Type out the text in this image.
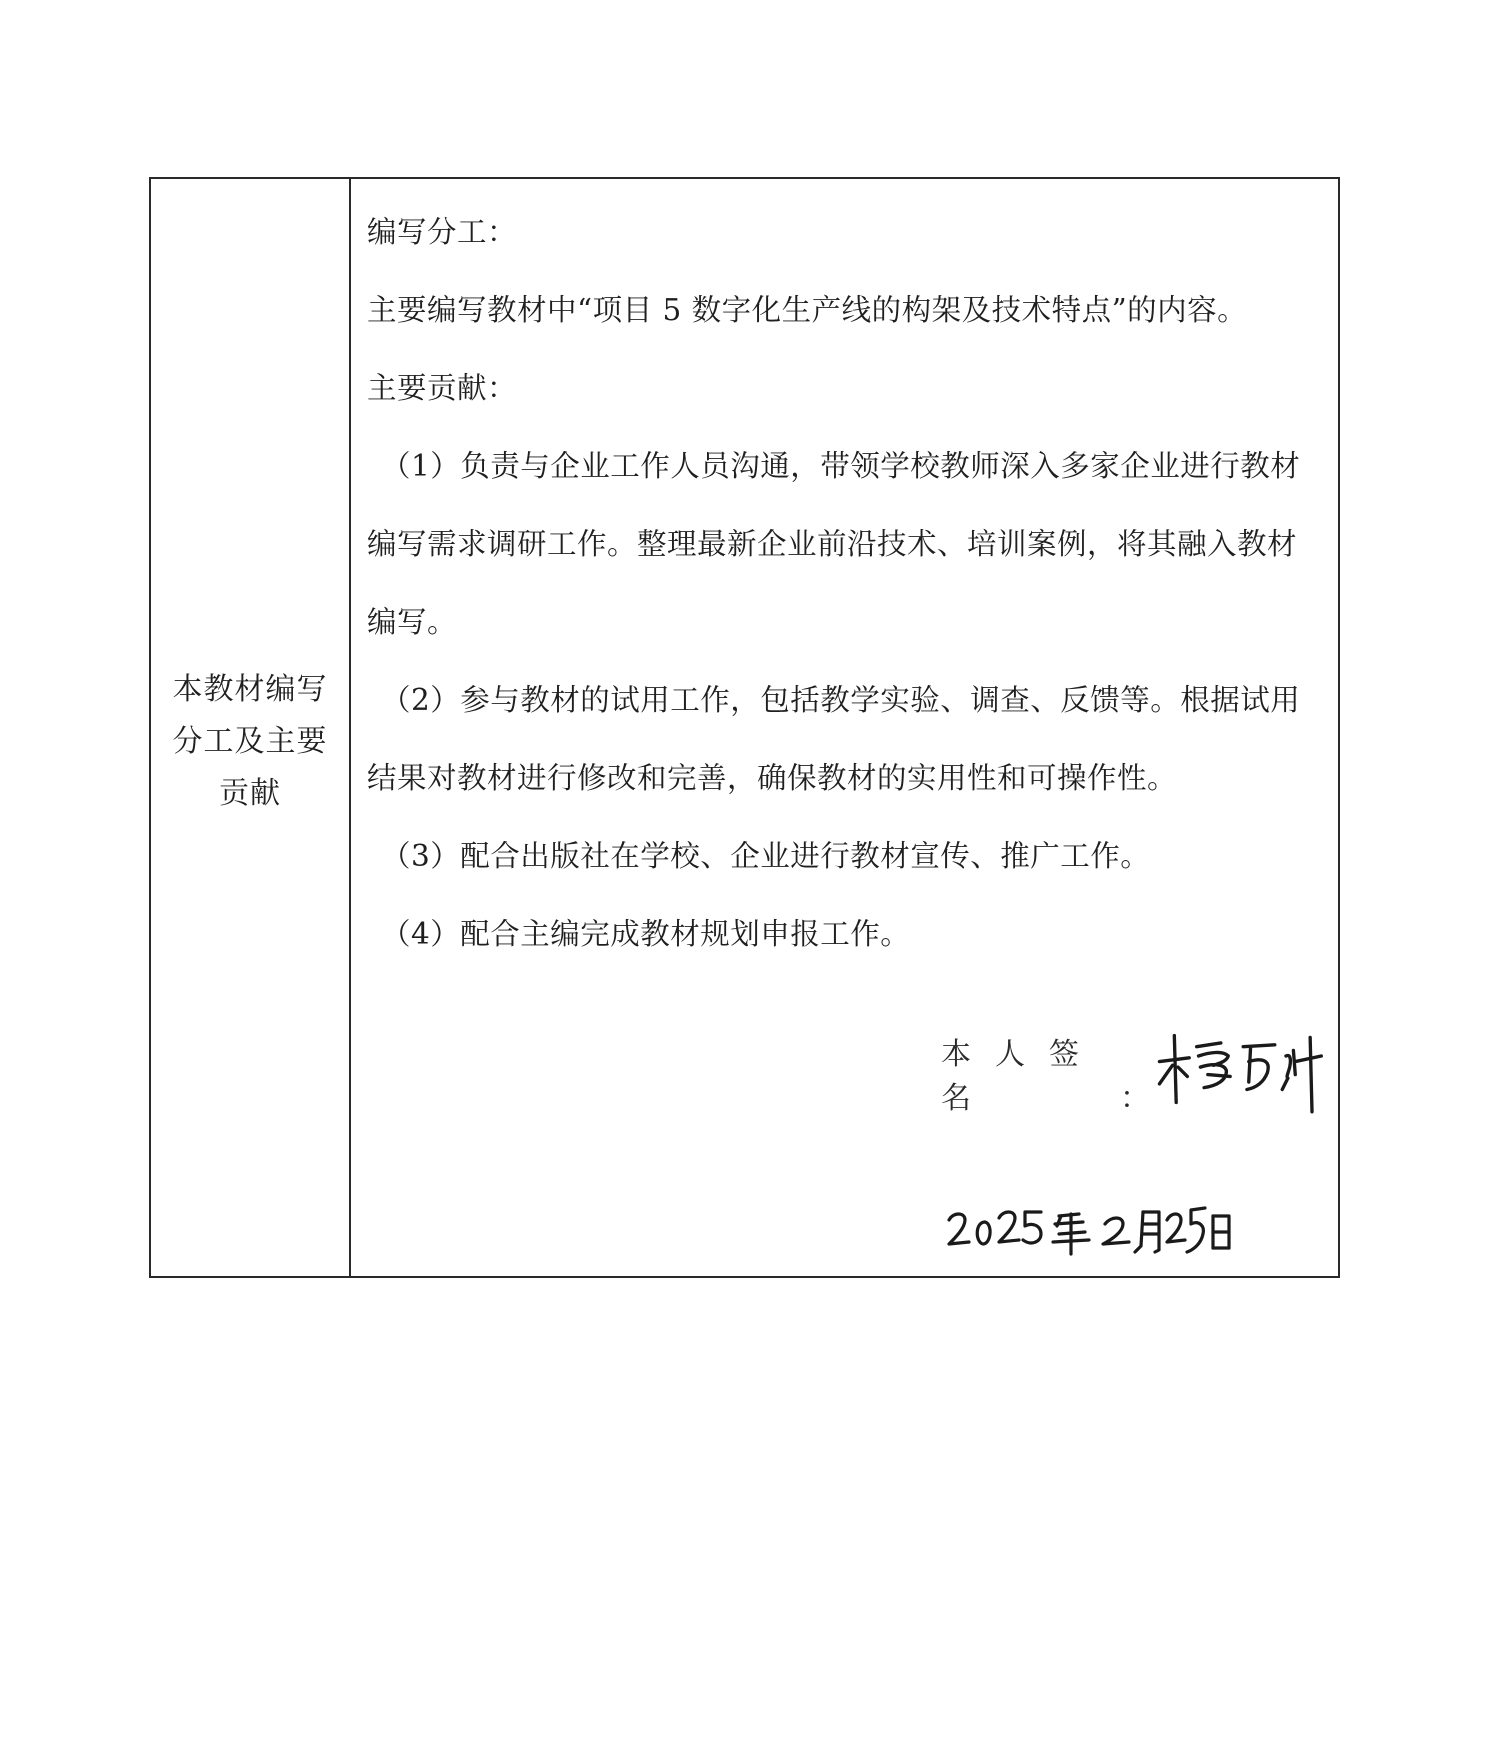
本教材编写分工及主要贡献

编写分工：

主要编写教材中“项目 5 数字化生产线的构架及技术特点”的内容。

主要贡献：

（1）负责与企业工作人员沟通，带领学校教师深入多家企业进行教材

编写需求调研工作。整理最新企业前沿技术、培训案例，将其融入教材

编写。

（2）参与教材的试用工作，包括教学实验、调查、反馈等。根据试用

结果对教材进行修改和完善，确保教材的实用性和可操作性。

（3）配合出版社在学校、企业进行教材宣传、推广工作。

（4）配合主编完成教材规划申报工作。

本人签名	：
